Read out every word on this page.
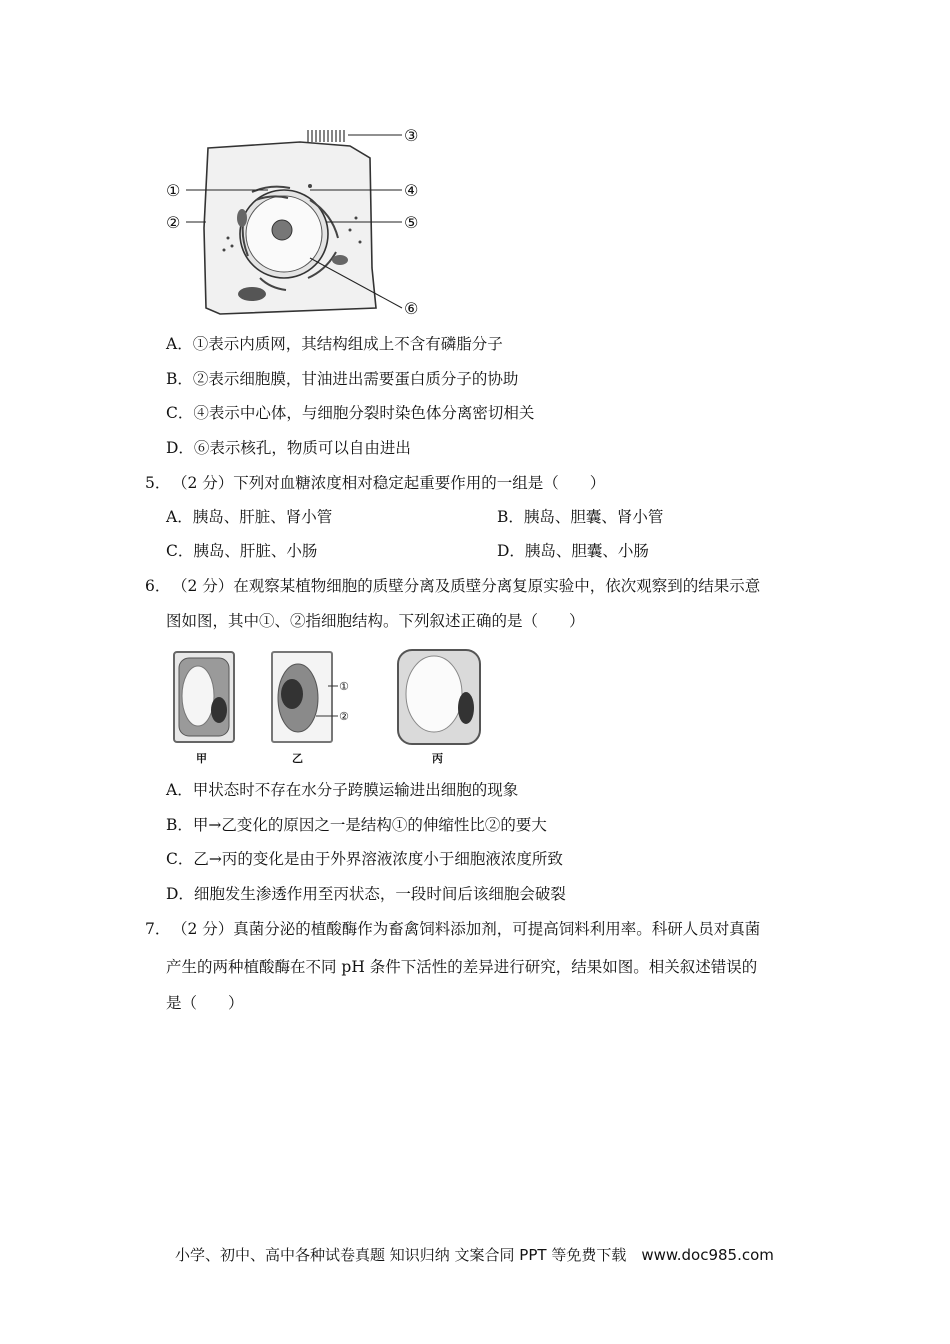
①
②
③
④
⑤
⑥
A．①表示内质网，其结构组成上不含有磷脂分子
B．②表示细胞膜，甘油进出需要蛋白质分子的协助
C．④表示中心体，与细胞分裂时染色体分离密切相关
D．⑥表示核孔，物质可以自由进出
5． （2 分）下列对血糖浓度相对稳定起重要作用的一组是（　　）
A．胰岛、肝脏、肾小管	B．胰岛、胆囊、肾小管
C．胰岛、肝脏、小肠	D．胰岛、胆囊、小肠
6． （2 分）在观察某植物细胞的质壁分离及质壁分离复原实验中，依次观察到的结果示意
图如图，其中①、②指细胞结构。下列叙述正确的是（　　）
①
②
甲	乙	丙
A．甲状态时不存在水分子跨膜运输进出细胞的现象
B．甲→乙变化的原因之一是结构①的伸缩性比②的要大
C．乙→丙的变化是由于外界溶液浓度小于细胞液浓度所致
D．细胞发生渗透作用至丙状态，一段时间后该细胞会破裂
7． （2 分）真菌分泌的植酸酶作为畜禽饲料添加剂，可提高饲料利用率。科研人员对真菌
产生的两种植酸酶在不同 pH 条件下活性的差异进行研究，结果如图。相关叙述错误的
是（　　）
小学、初中、高中各种试卷真题 知识归纳 文案合同 PPT 等免费下载　www.doc985.com
